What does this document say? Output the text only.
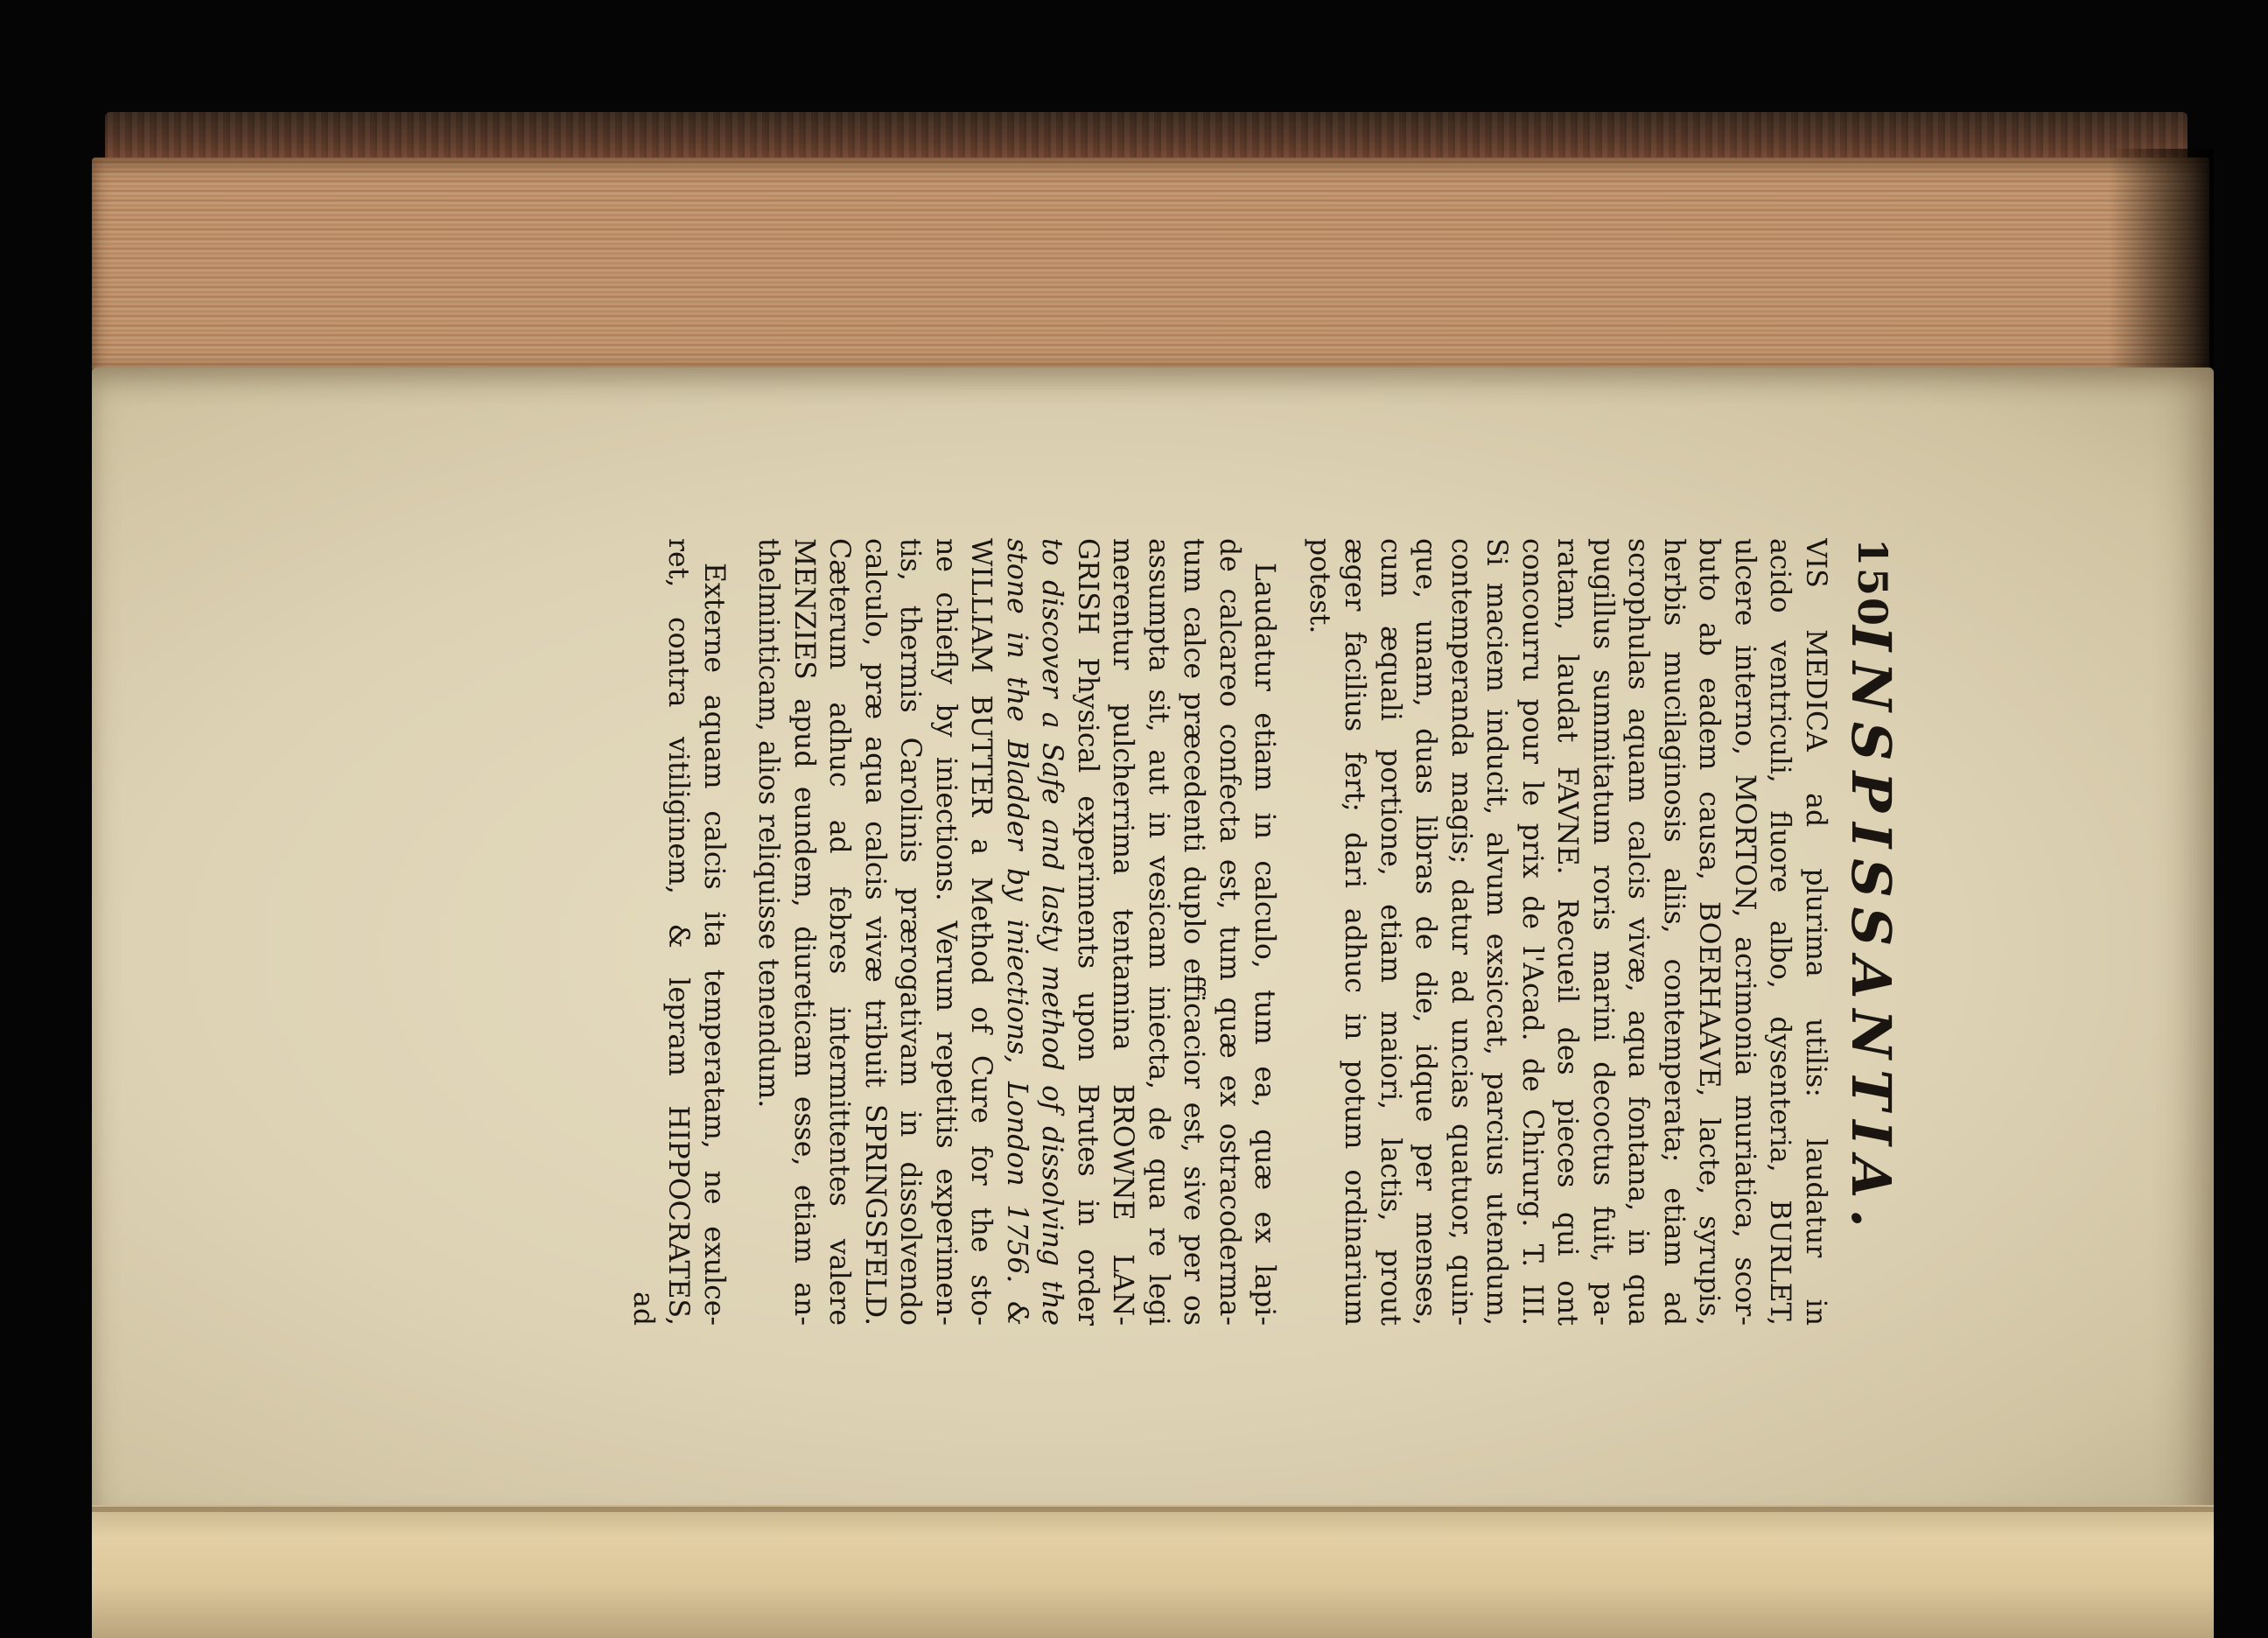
150
INSPISSANTIA.
VIS MEDICA ad plurima utilis: laudatur in
acido ventriculi, fluore albo, dysenteria, BURLET,
ulcere interno, MORTON, acrimonia muriatica, scor-
buto ab eadem causa, BOERHAAVE, lacte, syrupis,
herbis mucilaginosis aliis, contemperata; etiam ad
scrophulas aquam calcis vivæ, aqua fontana, in qua
pugillus summitatum roris marini decoctus fuit, pa-
ratam, laudat FAVNE. Recueil des pieces qui ont
concourru pour le prix de l'Acad. de Chirurg. T. III.
Si maciem inducit, alvum exsiccat, parcius utendum,
contemperanda magis; datur ad uncias quatuor, quin-
que, unam, duas libras de die, idque per menses,
cum æquali portione, etiam maiori, lactis, prout
æger facilius fert; dari adhuc in potum ordinarium
potest.
Laudatur etiam in calculo, tum ea, quæ ex lapi-
de calcareo confecta est, tum quæ ex ostracoderma-
tum calce præcedenti duplo efficacior est, sive per os
assumpta sit, aut in vesicam iniecta, de qua re legi
merentur pulcherrima tentamina BROWNE LAN-
GRISH Physical experiments upon Brutes in order
to discover a Safe and lasty method of dissolving the
stone in the Bladder by iniections, London 1756. &
WILLIAM BUTTER a Method of Cure for the sto-
ne chiefly by iniections. Verum repetitis experimen-
tis, thermis Carolinis prærogativam in dissolvendo
calculo, præ aqua calcis vivæ tribuit SPRINGSFELD.
Cæterum adhuc ad febres intermittentes valere
MENZIES apud eundem, diureticam esse, etiam an-
thelminticam, alios reliquisse tenendum.
Externe aquam calcis ita temperatam, ne exulce-
ret, contra vitiliginem, & lepram HIPPOCRATES,
ad
